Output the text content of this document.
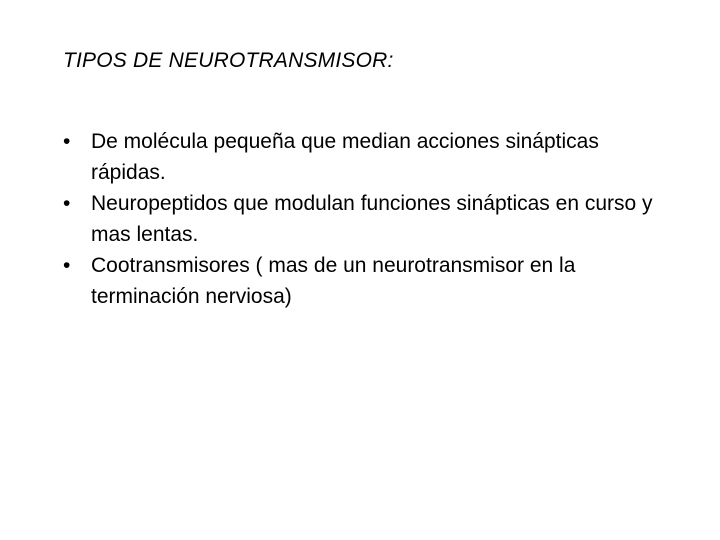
TIPOS DE NEUROTRANSMISOR:
• De molécula pequeña que median acciones sinápticas rápidas.
• Neuropeptidos que modulan funciones sinápticas en curso y mas lentas.
• Cootransmisores ( mas de un neurotransmisor en la terminación nerviosa)
